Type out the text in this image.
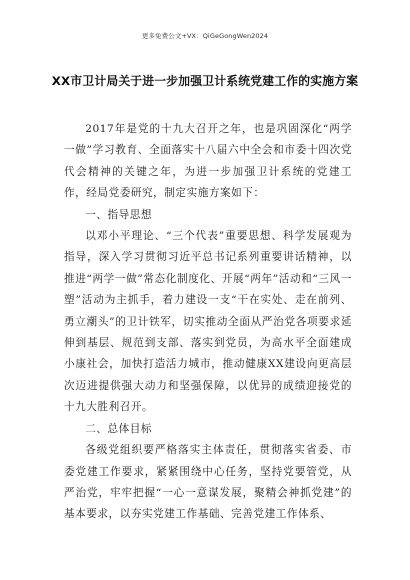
更多免费公文+VX：QiGeGongWen2024
XX市卫计局关于进一步加强卫计系统党建工作的实施方案

2017年是党的十九大召开之年，也是巩固深化“两学一做”学习教育、全面落实十八届六中全会和市委十四次党代会精神的关键之年，为进一步加强卫计系统的党建工作，经局党委研究，制定实施方案如下：

一、指导思想

以邓小平理论、“三个代表”重要思想、科学发展观为指导，深入学习贯彻习近平总书记系列重要讲话精神，以推进“两学一做”常态化制度化、开展“两年”活动和“三风一塑”活动为主抓手，着力建设一支“干在实处、走在前列、勇立潮头”的卫计铁军，切实推动全面从严治党各项要求延伸到基层、规范到支部、落实到党员，为高水平全面建成小康社会，加快打造活力城市，推动健康XX建设向更高层次迈进提供强大动力和坚强保障，以优异的成绩迎接党的十九大胜利召开。

二、总体目标

各级党组织要严格落实主体责任，贯彻落实省委、市委党建工作要求，紧紧围绕中心任务，坚持党要管党，从严治党，牢牢把握“一心一意谋发展，聚精会神抓党建”的基本要求，以夯实党建工作基础、完善党建工作体系、
